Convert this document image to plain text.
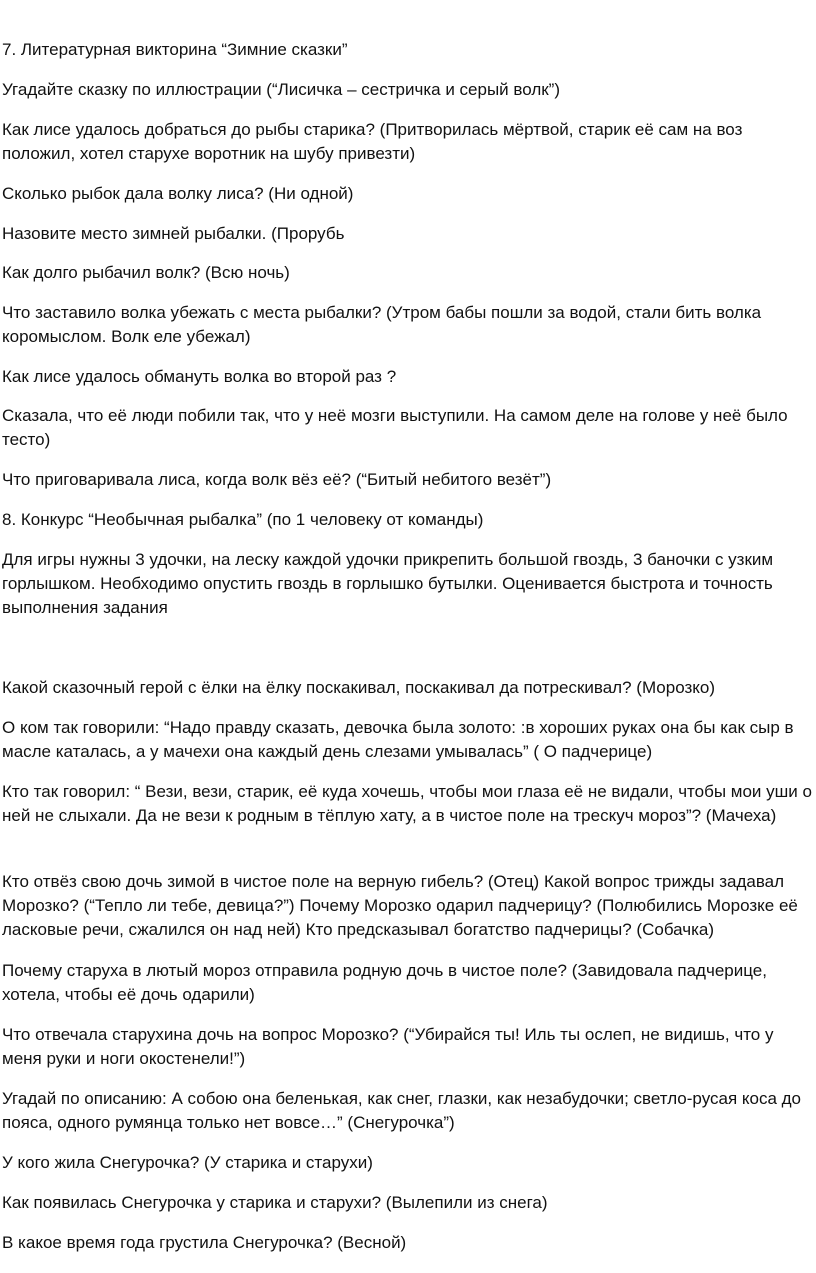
7. Литературная викторина “Зимние сказки”

Угадайте сказку по иллюстрации (“Лисичка – сестричка и серый волк”)

Как лисе удалось добраться до рыбы старика? (Притворилась мёртвой, старик её сам на воз положил, хотел старухе воротник на шубу привезти)

Сколько рыбок дала волку лиса? (Ни одной)

Назовите место зимней рыбалки. (Прорубь

Как долго рыбачил волк? (Всю ночь)

Что заставило волка убежать с места рыбалки? (Утром бабы пошли за водой, стали бить волка коромыслом. Волк еле убежал)

Как лисе удалось обмануть волка во второй раз ?

Сказала, что её люди побили так, что у неё мозги выступили. На самом деле на голове у неё было тесто)

Что приговаривала лиса, когда волк вёз её? (“Битый небитого везёт”)

8. Конкурс “Необычная рыбалка” (по 1 человеку от команды)

Для игры нужны 3 удочки, на леску каждой удочки прикрепить большой гвоздь, 3 баночки с узким горлышком. Необходимо опустить гвоздь в горлышко бутылки. Оценивается быстрота и точность выполнения задания

Какой сказочный герой с ёлки на ёлку поскакивал, поскакивал да потрескивал? (Морозко)

О ком так говорили: “Надо правду сказать, девочка была золото: :в хороших руках она бы как сыр в масле каталась, а у мачехи она каждый день слезами умывалась” ( О падчерице)

Кто так говорил: “ Вези, вези, старик, её куда хочешь, чтобы мои глаза её не видали, чтобы мои уши о ней не слыхали. Да не вези к родным в тёплую хату, а в чистое поле на трескуч мороз”? (Мачеха)

Кто отвёз свою дочь зимой в чистое поле на верную гибель? (Отец) Какой вопрос трижды задавал Морозко? (“Тепло ли тебе, девица?”) Почему Морозко одарил падчерицу? (Полюбились Морозке её ласковые речи, сжалился он над ней) Кто предсказывал богатство падчерицы? (Собачка)

Почему старуха в лютый мороз отправила родную дочь в чистое поле? (Завидовала падчерице, хотела, чтобы её дочь одарили)

Что отвечала старухина дочь на вопрос Морозко? (“Убирайся ты! Иль ты ослеп, не видишь, что у меня руки и ноги окостенели!”)

Угадай по описанию: А собою она беленькая, как снег, глазки, как незабудочки; светло-русая коса до пояса, одного румянца только нет вовсе…” (Снегурочка”)

У кого жила Снегурочка? (У старика и старухи)

Как появилась Снегурочка у старика и старухи? (Вылепили из снега)

В какое время года грустила Снегурочка? (Весной)
